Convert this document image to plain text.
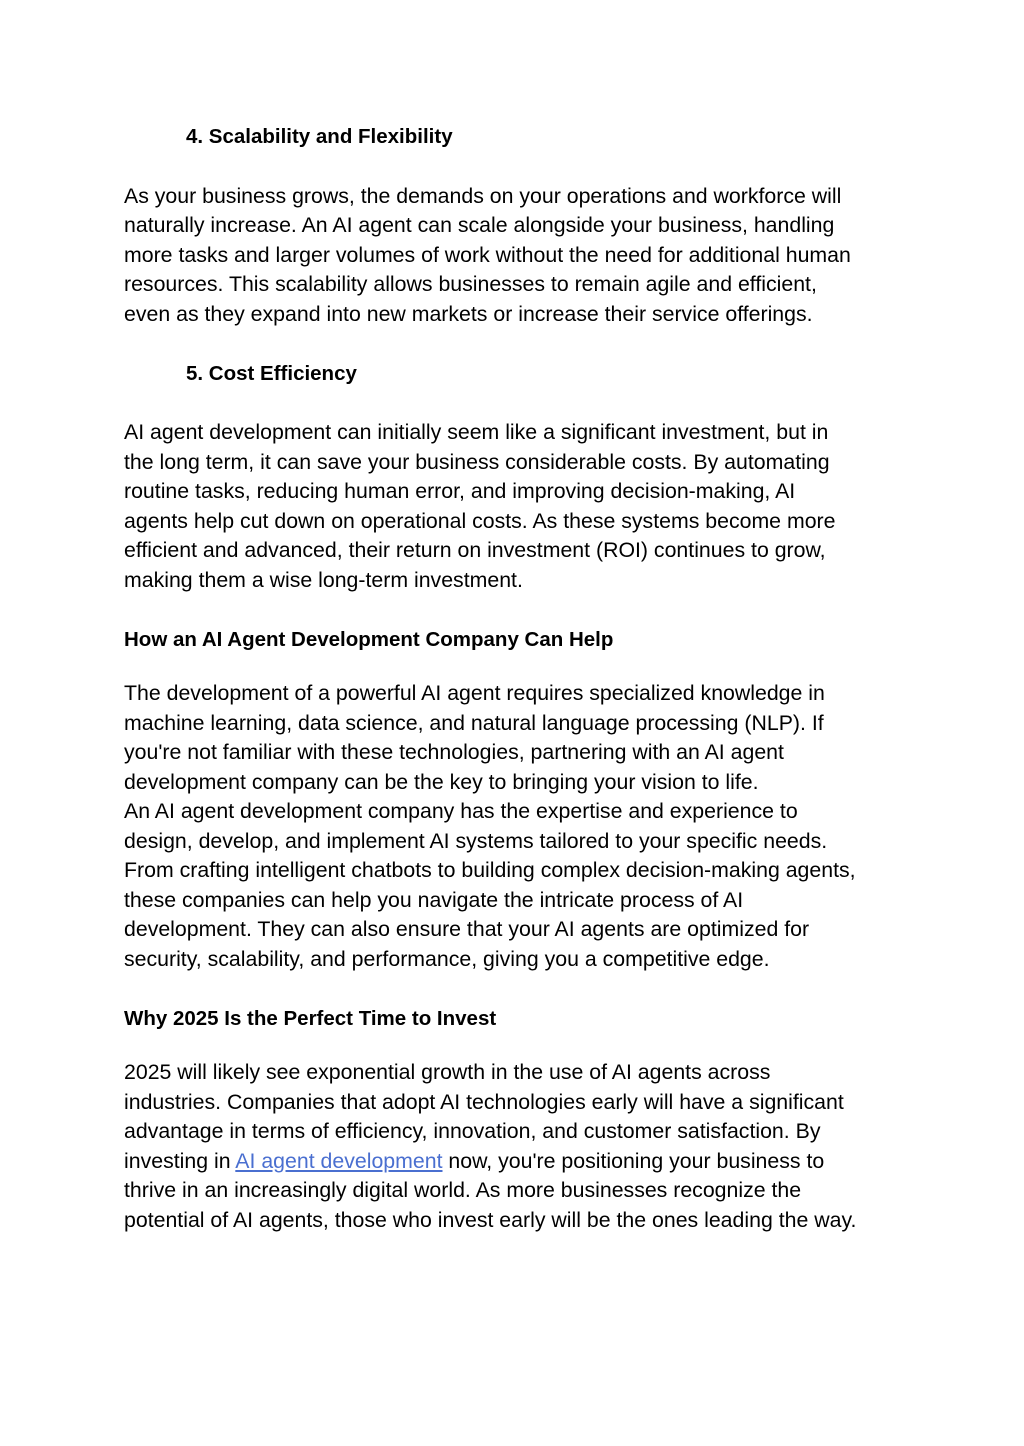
4. Scalability and Flexibility

As your business grows, the demands on your operations and workforce will

naturally increase. An AI agent can scale alongside your business, handling

more tasks and larger volumes of work without the need for additional human

resources. This scalability allows businesses to remain agile and efficient,

even as they expand into new markets or increase their service offerings.

5. Cost Efficiency

AI agent development can initially seem like a significant investment, but in

the long term, it can save your business considerable costs. By automating

routine tasks, reducing human error, and improving decision-making, AI

agents help cut down on operational costs. As these systems become more

efficient and advanced, their return on investment (ROI) continues to grow,

making them a wise long-term investment.

How an AI Agent Development Company Can Help

The development of a powerful AI agent requires specialized knowledge in

machine learning, data science, and natural language processing (NLP). If

you're not familiar with these technologies, partnering with an AI agent

development company can be the key to bringing your vision to life.

An AI agent development company has the expertise and experience to

design, develop, and implement AI systems tailored to your specific needs.

From crafting intelligent chatbots to building complex decision-making agents,

these companies can help you navigate the intricate process of AI

development. They can also ensure that your AI agents are optimized for

security, scalability, and performance, giving you a competitive edge.

Why 2025 Is the Perfect Time to Invest

2025 will likely see exponential growth in the use of AI agents across

industries. Companies that adopt AI technologies early will have a significant

advantage in terms of efficiency, innovation, and customer satisfaction. By

investing in AI agent development now, you're positioning your business to

thrive in an increasingly digital world. As more businesses recognize the

potential of AI agents, those who invest early will be the ones leading the way.
